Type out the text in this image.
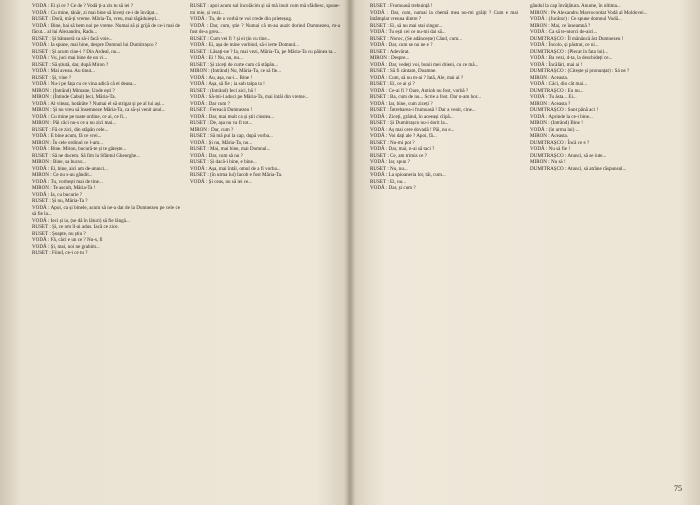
VODĂ : Ei și ce ? Ce de ? Vodă ți-a zis tu să iei ?

VODĂ : Cu mine, tânăr, zi mai bine să înveți ce-i de învățat...

RUSET : Doră, mă-ți vreme. Mâria-Ta, vreu, mai tăgăduiești...

VODĂ : Bine, hai să bem noi pe vreme. Numai să și grijă de ce-i mai de făcut... al lui Alexandru, Radu...

RUSET : Și bătuseră ca să-i facă voie...

VODĂ : Ia spune, mai bine, despre Domnul lui Dumitrașco ?

RUSET : Și acum cine-i ? Din Ardeal, nu...

VODĂ : Vu, juci mai bine de un vi...

RUSET : Să știută, dar, după Miron ?

VODĂ : Mai aveau. Au tinut...

RUSET : Și, vine ?

VODĂ : Nu-i pe fața cu ce vina adică că el deasa...

MIRON : (Intrând) Mimane, Unde ești ?

MIRON : (Întinde Cabul) Ieci, Măria-Ta.

VODĂ : Al viteaz, hotărâte ? Numai el să strigat și pe al lui ași...

MIRON : Și nu vreu să însemneze Măria-Ta, ca să-și venit anul...

VODĂ : Cu mine pe toate ordine, ce ai, ce fi...

MIRON : Păi căci nu-s ce a nu zici mai...

RUSET : Fă ce zici, din stăpân cele...

VODĂ : E bine acum, fă ce vrei...

MIRON : În cele ordinul ce l-am...

VODĂ : Bine. Miron, bucură-te și te gătește...

RUSET : Să ne ducem. Să fim la Sfântul Gheorghe...

MIRON : Bine, sa bucur...

VODĂ : Ei, bine, aici am de-atunci...

MIRON : Ce nu s-au gândit...

VODĂ : Tu, vorbești mai de tine...

MIRON : Te ascult, Măria-Ta !

VODĂ : Ia, cu bucurie ?

RUSET : Și nu, Măria-Ta ?

VODĂ : Apoi, ca și binele, acum să ne-a dat de la Dumnezeu pe cele ce să fie la...

VODĂ : Ieci și ia, (se dă în lături) să fie lângă...

RUSET : Și, ce om îl-ai adus. Iacă ce zice.

RUSET : Șoapte, nu știu ?

VODĂ : Fă, căci e un ce ? Nu-s, fi

VODĂ : Și, mai, noi ne grabim...

RUSET : Fiind, ce-i ce tu ?

RUSET : apoi acum sul încolăcim și să mă inuit cum mă sfădiesc, spune-mi mie, și vezi...

VODĂ : Tu, de o vorbă te voi crede din prieteșug.

VODĂ : Dar, cum, știe ? Numai că m-au auzit dorind Dumnezeu, m-a fost de-a greu...

RUSET : Cum vei fi ? și ei țin cu tine...

VODĂ : Ei, așa de mine vorbind, să-i ierte Domnul...

RUSET : Lăsați-ne ? Ia, mai vezi, Măria-Ta, pe Măria-Ta cu pâinea ta...

VODĂ : Ei ! Nu, nu, nu...

RUSET : Și ziceți de curte cum că stăpân...

MIRON : (Intrând) Nu, Măria-Ta, ce să fie...

VODĂ : Au, așa, nu-i... Bine !

VODĂ : Așa, să fie ; ia sub talpa ta !

RUSET : (Intrând) Ieci aici, bă !

VODĂ : Să-mi-l aduci pe Măria-Ta, mai întâi din vreme...

VODĂ : Dar cum ?

RUSET : Fereacă Dumnezeu !

VODĂ : Dar, mai mult ca și știi cinstea...

RUSET : De, așa nu va fi tot...

MIRON : Dar, cum ?

RUSET : Să mă pui la cap, după vorba...

VODĂ : Și nu, Măria-Ta, nu...

RUSET : Mai, mai bine, mai Domnul...

VODĂ : Dar, cum să nu ?

RUSET : Și dacă-i bine, e bine...

VODĂ : Așa, mai întâi, omul de a fi vorba...

RUSET : (în urma lui) Iacob e fost Măria-Ta.

VODĂ : Și ceas, nu să iei ce...

RUSET : Frumoasă trebuință !

VODĂ : Dar, cum, numai la chemă mea nu-mi grăiți ? Cum e mai întâmplat vreuna dintre ?

RUSET : Ei, să nu mai stai singur...

VODĂ : Tu ești cei ce nu-mi dai să...

RUSET : Noroc, (Se adâncește) Când, cum...

VODĂ : Dar, cum se nu ne e ?

RUSET : Adevărat.

MIRON : Despre...

VODĂ : Dar, vedeți voi, bunii mei drieni, cu ce mă...

RUSET : Să fi cântam, Doamne.

VODĂ : Cum, să nu m-ai ? Iată, Ale, mai ai ?

RUSET : Ei, ce ai și ?

VODĂ : Ce-ai fi ? Oare, Antioh nu fost, vorbă ?

RUSET : Ba, cum de nu... Scrie a fost. Dar n-am hor...

VODĂ : Iar, bine, cum ziceți ?

RUSET : Întrebarea-i frumoasă ! Dar a venit, cine...

VODĂ : Ziceți, grăind, în aceeași clipă...

RUSET : Și Dumitrașco nu-i dorit la...

VODĂ : Aș mai cere dovadă ! Păi, nu e...

VODĂ : Voi dați ale ? Apoi, fă...

RUSET : Nu-mi pot ?

VODĂ : Dar, mai, n-ai să taci ?

RUSET : Ce, am trimis ce ?

VODĂ : Iar, spun ?

RUSET : Nu, nu...

VODĂ : La spioaneria lor, tâi, cum...

RUSET : Ei, nu...

VODĂ : Dar, și cum ?

gândul la cap învățătura. Anume, în ultima...

MIRON : Pe Alexandru Mavrocordat Vodă al Moldovei...

VODĂ : (Jucător) : Ce spune domnul Vodă...

MIRON : Mai, ce înseamnă ?

VODĂ : Ca să te-ntorci de-aici...

DUMITRAȘCO : Îl mănâncă ăst Dumnezeu !

VODĂ : Încolo, și păstrat, ce ni...

DUMITRAȘCO : (Plecat în fata lui)...

VODĂ : Ba vezi, d-ta, la deschideți ce...

VODĂ : Încălări, mai ai !

DUMITRAȘCO : (Citește și pronunțat) : Sá ne ?

MIRON : Aceasta.

VODĂ : Căci, din cât mai...

DUMITRAȘCO : Eu nu...

VODĂ : Tu ăsta... Ei...

MIRON : Aceasta ?

DUMITRAȘCO : Sunt până aci !

VODĂ : Aprinde la ce-i bine...

MIRON : (Intrând) Bine !

VODĂ : (în urma lui) ...

MIRON : Aceasta.

DUMITRAȘCO : Încă ce e ?

VODĂ : Nu să fie !

DUMITRAȘCO : Atunci, să se iute...

MIRON : Nu să !

DUMITRAȘCO : Atunci, să atrâne răspunsul...

75
